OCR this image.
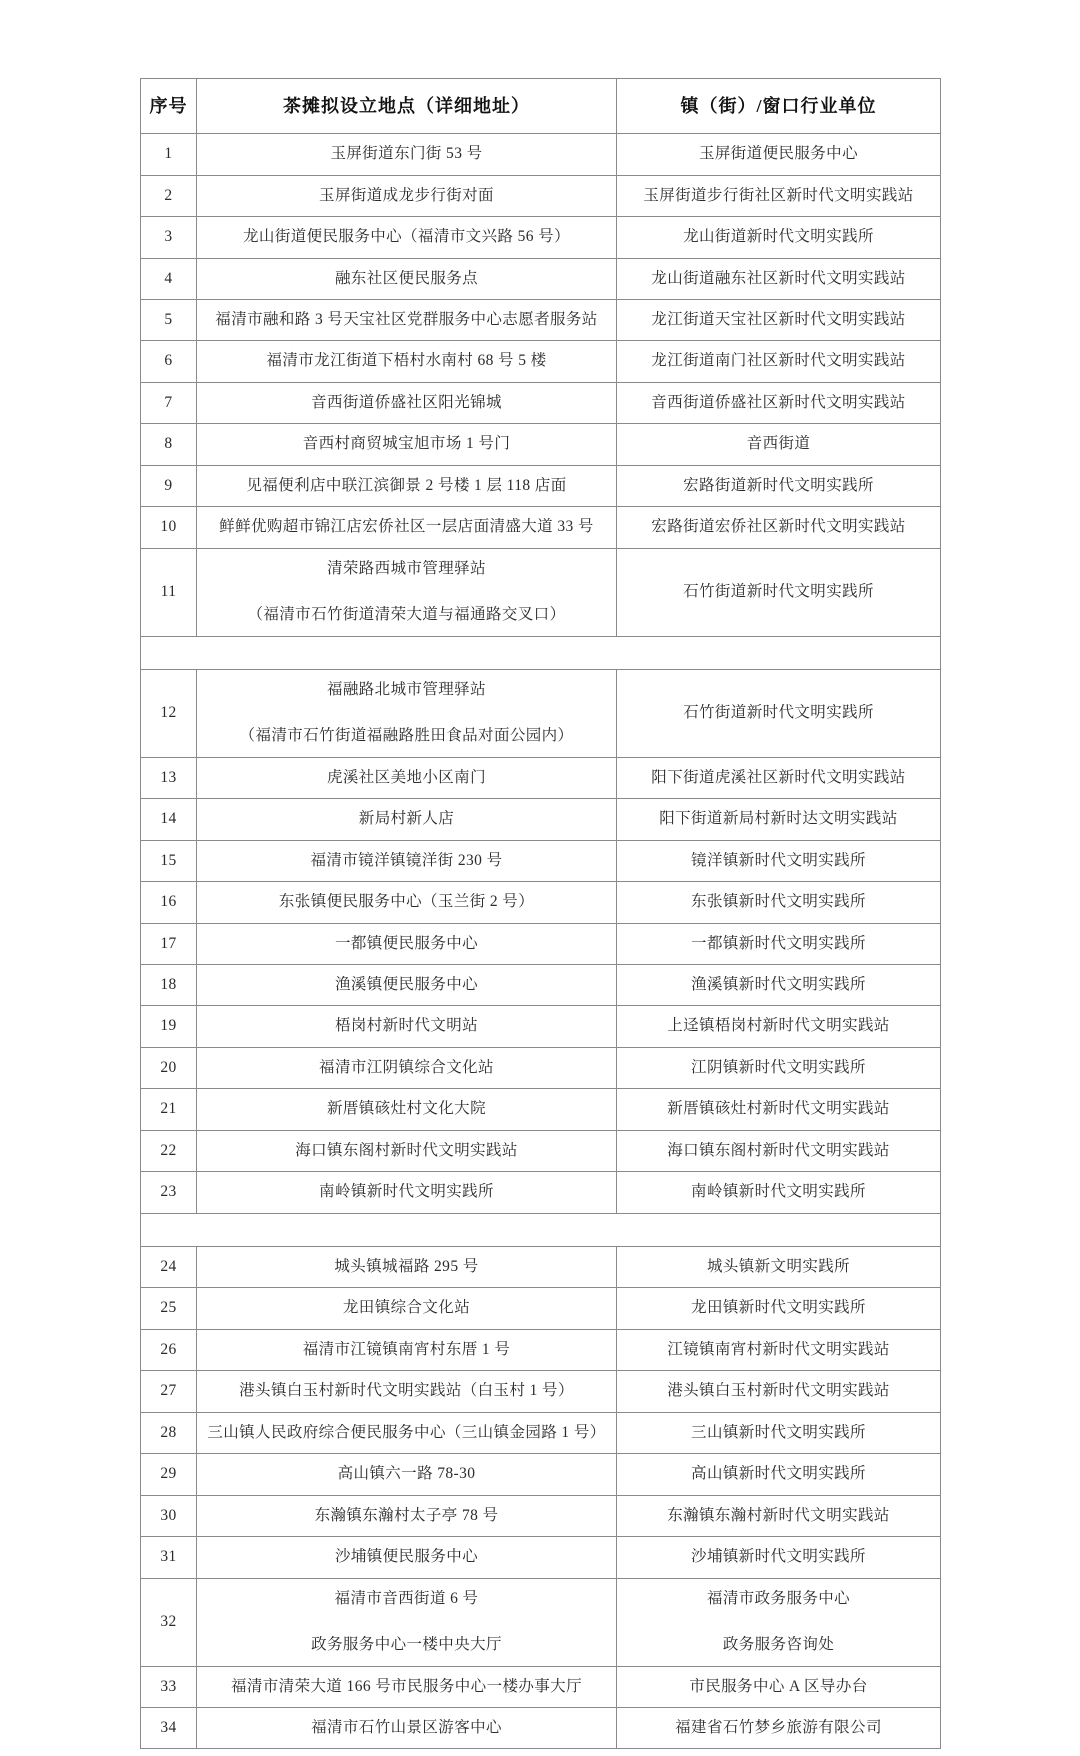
序号	茶摊拟设立地点（详细地址）	镇（街）/窗口行业单位
1	玉屏街道东门街 53 号	玉屏街道便民服务中心
2	玉屏街道成龙步行街对面	玉屏街道步行街社区新时代文明实践站
3	龙山街道便民服务中心（福清市文兴路 56 号）	龙山街道新时代文明实践所
4	融东社区便民服务点	龙山街道融东社区新时代文明实践站
5	福清市融和路 3 号天宝社区党群服务中心志愿者服务站	龙江街道天宝社区新时代文明实践站
6	福清市龙江街道下梧村水南村 68 号 5 楼	龙江街道南门社区新时代文明实践站
7	音西街道侨盛社区阳光锦城	音西街道侨盛社区新时代文明实践站
8	音西村商贸城宝旭市场 1 号门	音西街道
9	见福便利店中联江滨御景 2 号楼 1 层 118 店面	宏路街道新时代文明实践所
10	鲜鲜优购超市锦江店宏侨社区一层店面清盛大道 33 号	宏路街道宏侨社区新时代文明实践站
11	清荣路西城市管理驿站
（福清市石竹街道清荣大道与福通路交叉口）	石竹街道新时代文明实践所

12	福融路北城市管理驿站
（福清市石竹街道福融路胜田食品对面公园内）	石竹街道新时代文明实践所
13	虎溪社区美地小区南门	阳下街道虎溪社区新时代文明实践站
14	新局村新人店	阳下街道新局村新时达文明实践站
15	福清市镜洋镇镜洋街 230 号	镜洋镇新时代文明实践所
16	东张镇便民服务中心（玉兰街 2 号）	东张镇新时代文明实践所
17	一都镇便民服务中心	一都镇新时代文明实践所
18	渔溪镇便民服务中心	渔溪镇新时代文明实践所
19	梧岗村新时代文明站	上迳镇梧岗村新时代文明实践站
20	福清市江阴镇综合文化站	江阴镇新时代文明实践所
21	新厝镇硋灶村文化大院	新厝镇硋灶村新时代文明实践站
22	海口镇东阁村新时代文明实践站	海口镇东阁村新时代文明实践站
23	南岭镇新时代文明实践所	南岭镇新时代文明实践所

24	城头镇城福路 295 号	城头镇新文明实践所
25	龙田镇综合文化站	龙田镇新时代文明实践所
26	福清市江镜镇南宵村东厝 1 号	江镜镇南宵村新时代文明实践站
27	港头镇白玉村新时代文明实践站（白玉村 1 号）	港头镇白玉村新时代文明实践站
28	三山镇人民政府综合便民服务中心（三山镇金园路 1 号）	三山镇新时代文明实践所
29	高山镇六一路 78-30	高山镇新时代文明实践所
30	东瀚镇东瀚村太子亭 78 号	东瀚镇东瀚村新时代文明实践站
31	沙埔镇便民服务中心	沙埔镇新时代文明实践所
32	福清市音西街道 6 号
政务服务中心一楼中央大厅	福清市政务服务中心
政务服务咨询处

33	福清市清荣大道 166 号市民服务中心一楼办事大厅	市民服务中心 A 区导办台
34	福清市石竹山景区游客中心	福建省石竹梦乡旅游有限公司
